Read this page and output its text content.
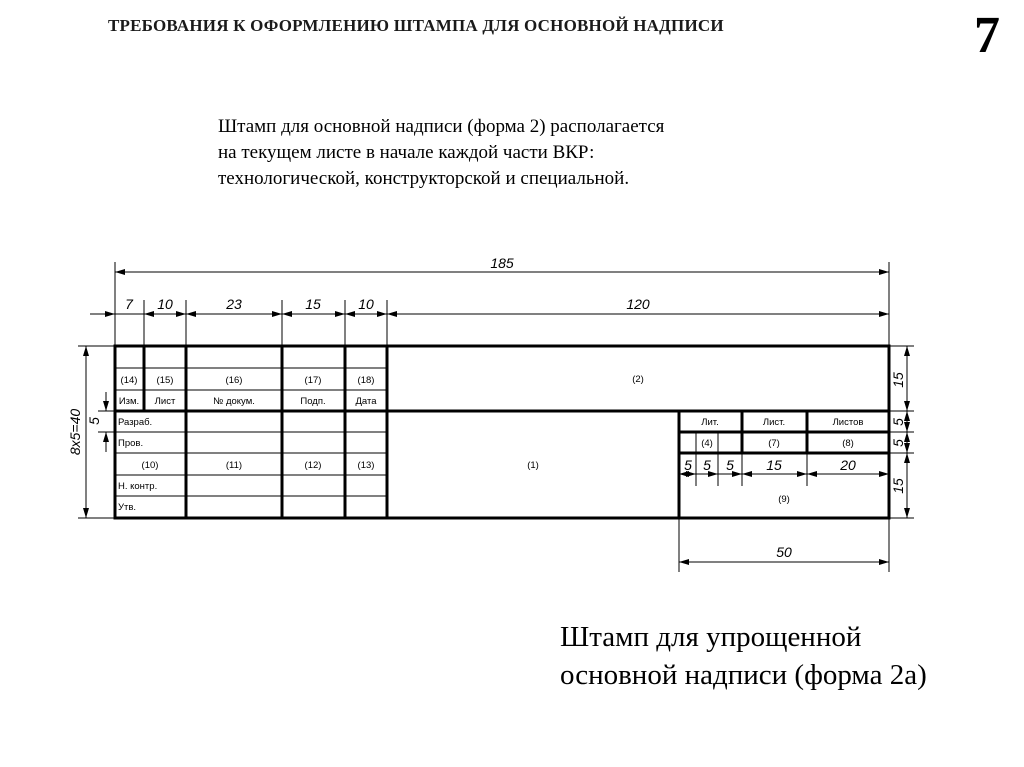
ТРЕБОВАНИЯ К ОФОРМЛЕНИЮ ШТАМПА ДЛЯ ОСНОВНОЙ НАДПИСИ	7
Штамп для основной надписи (форма 2) располагается
на текущем листе в начале каждой части ВКР:
технологической, конструкторской и специальной.
185
7 10	23	15	10	120
8x5=40 5
15
5
5
15
50
5 5 5 15	20
(14) (15)	(16)	(17)	(18)
Изм. Лист	№ докум.	Подп.	Дата
Разраб.
Пров.
(10)	(11)	(12)	(13)
Н. контр.
Утв.
(2)
(1)
Лит.	Лист.	Листов
(4)	(7)	(8)
(9)
Штамп для упрощенной
основной надписи (форма 2а)
